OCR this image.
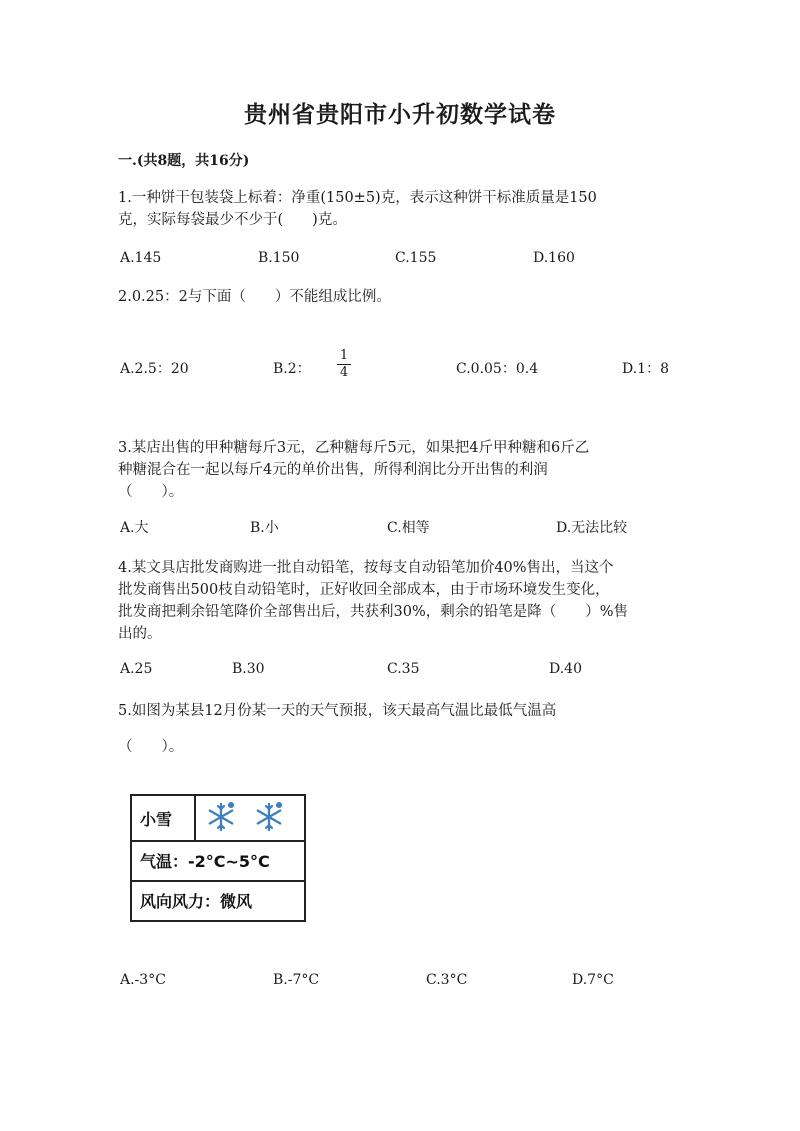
贵州省贵阳市小升初数学试卷
一.(共8题，共16分)
1.一种饼干包装袋上标着：净重(150±5)克，表示这种饼干标准质量是150
克，实际每袋最少不少于(　　)克。
A.145	B.150	C.155	D.160
2.0.25：2与下面（　　）不能组成比例。
A.2.5：20	B.2：
1
4	C.0.05：0.4	D.1：8
3.某店出售的甲种糖每斤3元，乙种糖每斤5元，如果把4斤甲种糖和6斤乙
种糖混合在一起以每斤4元的单价出售，所得利润比分开出售的利润
（　　）。
A.大	B.小	C.相等	D.无法比较
4.某文具店批发商购进一批自动铅笔，按每支自动铅笔加价40%售出，当这个
批发商售出500枝自动铅笔时，正好收回全部成本，由于市场环境发生变化，
批发商把剩余铅笔降价全部售出后，共获利30%，剩余的铅笔是降（　　）%售
出的。
A.25	B.30	C.35	D.40
5.如图为某县12月份某一天的天气预报，该天最高气温比最低气温高
（　　）。
小雪
气温：-2°C~5°C
风向风力：微风
A.-3°C	B.-7°C	C.3°C	D.7°C
